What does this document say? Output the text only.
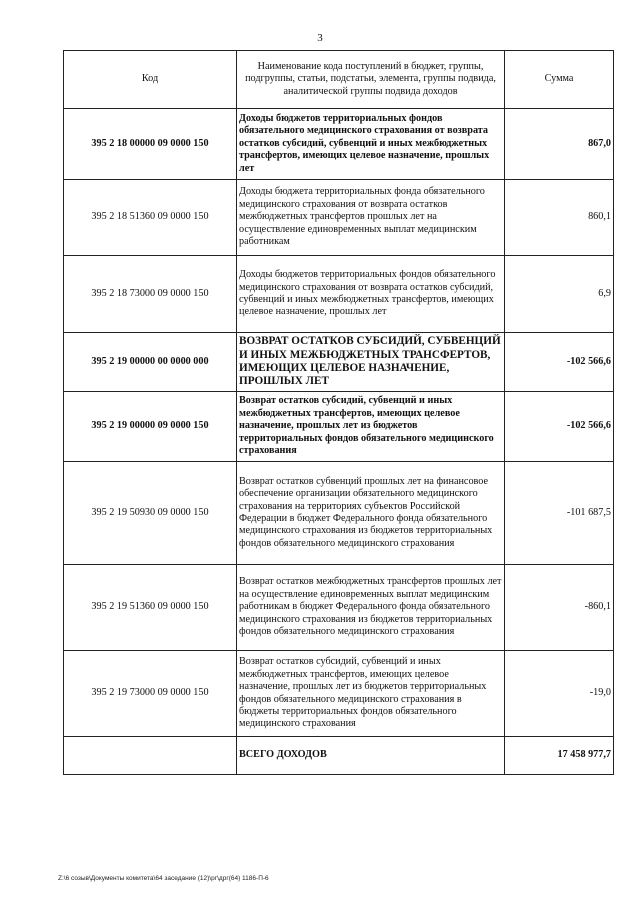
3
Код	Наименование кода поступлений в бюджет, группы, подгруппы, статьи, подстатьи, элемента, группы подвида, аналитической группы подвида доходов	Сумма
395 2 18 00000 09 0000 150	Доходы бюджетов территориальных фондов обязательного медицинского страхования от возврата остатков субсидий, субвенций и иных межбюджетных трансфертов, имеющих целевое назначение, прошлых лет	867,0
395 2 18 51360 09 0000 150	Доходы бюджета территориальных фонда обязательного медицинского страхования от возврата остатков межбюджетных трансфертов прошлых лет на осуществление единовременных выплат медицинским работникам	860,1
395 2 18 73000 09 0000 150	Доходы бюджетов территориальных фондов обязательного медицинского страхования от возврата остатков субсидий, субвенций и иных межбюджетных трансфертов, имеющих целевое назначение, прошлых лет	6,9
395 2 19 00000 00 0000 000	ВОЗВРАТ ОСТАТКОВ СУБСИДИЙ, СУБВЕНЦИЙ И ИНЫХ МЕЖБЮДЖЕТНЫХ ТРАНСФЕРТОВ, ИМЕЮЩИХ ЦЕЛЕВОЕ НАЗНАЧЕНИЕ, ПРОШЛЫХ ЛЕТ	-102 566,6
395 2 19 00000 09 0000 150	Возврат остатков субсидий, субвенций и иных межбюджетных трансфертов, имеющих целевое назначение, прошлых лет из бюджетов территориальных фондов обязательного медицинского страхования	-102 566,6
395 2 19 50930 09 0000 150	Возврат остатков субвенций прошлых лет на финансовое обеспечение организации обязательного медицинского страхования на территориях субъектов Российской Федерации в бюджет Федерального фонда обязательного медицинского страхования из бюджетов территориальных фондов обязательного медицинского страхования	-101 687,5
395 2 19 51360 09 0000 150	Возврат остатков межбюджетных трансфертов прошлых лет на осуществление единовременных выплат медицинским работникам в бюджет Федерального фонда обязательного медицинского страхования из бюджетов территориальных фондов обязательного медицинского страхования	-860,1
395 2 19 73000 09 0000 150	Возврат остатков субсидий, субвенций и иных межбюджетных трансфертов, имеющих целевое назначение, прошлых лет из бюджетов территориальных фондов обязательного медицинского страхования в бюджеты территориальных фондов обязательного медицинского страхования	-19,0
	ВСЕГО ДОХОДОВ	17 458 977,7
Z:\6 созыв\Документы комитета\64 заседание (12)\рг\дрг(64) 1186-П-6
